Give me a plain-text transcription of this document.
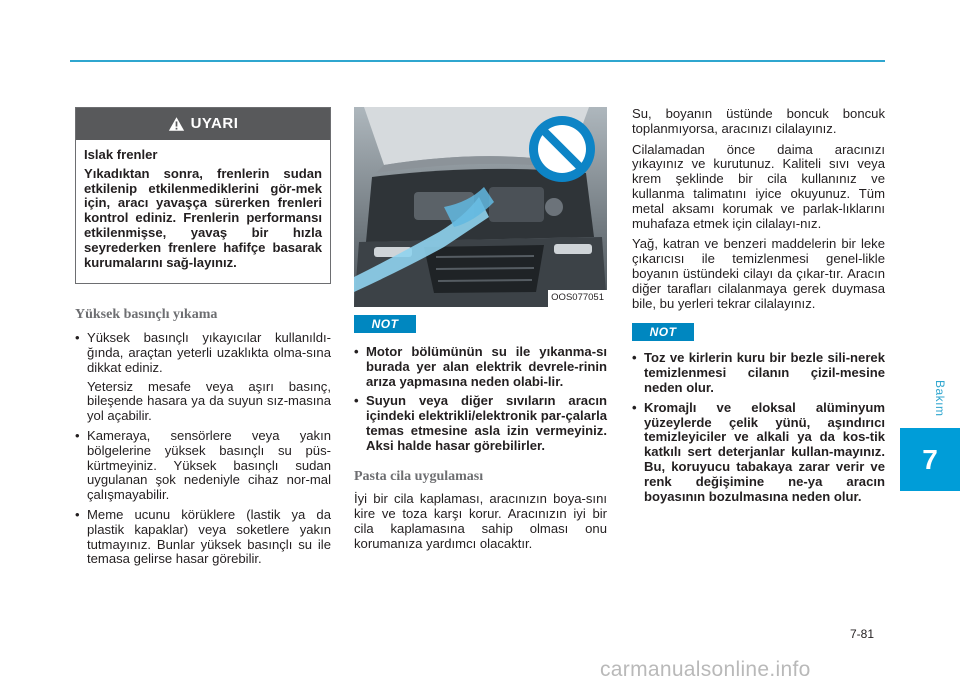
Bakım
7
UYARI

Islak frenler

Yıkadıktan sonra, frenlerin sudan etkilenip etkilenmediklerini gör-mek için, aracı yavaşça sürerken frenleri kontrol ediniz. Frenlerin performansı etkilenmişse, yavaş bir hızla seyrederken frenlere hafifçe basarak kurumalarını sağ-layınız.

Yüksek basınçlı yıkama
• Yüksek basınçlı yıkayıcılar kullanıldı-ğında, araçtan yeterli uzaklıkta olma-sına dikkat ediniz.

Yetersiz mesafe veya aşırı basınç, bileşende hasara ya da suyun sız-masına yol açabilir.

• Kameraya, sensörlere veya yakın bölgelerine yüksek basınçlı su püs-kürtmeyiniz. Yüksek basınçlı sudan uygulanan şok nedeniyle cihaz nor-mal çalışmayabilir.

• Meme ucunu körüklere (lastik ya da plastik kapaklar) veya soketlere yakın tutmayınız. Bunlar yüksek basınçlı su ile temasa gelirse hasar görebilir.

OOS077051
NOT
• Motor bölümünün su ile yıkanma-sı burada yer alan elektrik devrele-rinin arıza yapmasına neden olabi-lir.
• Suyun veya diğer sıvıların aracın içindeki elektrikli/elektronik par-çalarla temas etmesine asla izin vermeyiniz. Aksi halde hasar görebilirler.
Pasta cila uygulaması

İyi bir cila kaplaması, aracınızın boya-sını kire ve toza karşı korur. Aracınızın iyi bir cila kaplamasına sahip olması onu korumanıza yardımcı olacaktır.

Su, boyanın üstünde boncuk boncuk toplanmıyorsa, aracınızı cilalayınız.

Cilalamadan önce daima aracınızı yıkayınız ve kurutunuz. Kaliteli sıvı veya krem şeklinde bir cila kullanınız ve kullanma talimatını iyice okuyunuz. Tüm metal aksamı korumak ve parlak-lıklarını muhafaza etmek için cilalayı-nız.

Yağ, katran ve benzeri maddelerin bir leke çıkarıcısı ile temizlenmesi genel-likle boyanın üstündeki cilayı da çıkar-tır. Aracın diğer tarafları cilalanmaya gerek duymasa bile, bu yerleri tekrar cilalayınız.

NOT
• Toz ve kirlerin kuru bir bezle sili-nerek temizlenmesi cilanın çizil-mesine neden olur.
• Kromajlı ve eloksal alüminyum yüzeylerde çelik yünü, aşındırıcı temizleyiciler ve alkali ya da kos-tik katkılı sert deterjanlar kullan-mayınız. Bu, koruyucu tabakaya zarar verir ve renk değişimine ne-ya aracın boyasının bozulmasına neden olur.
7-81
carmanualsonline.info
